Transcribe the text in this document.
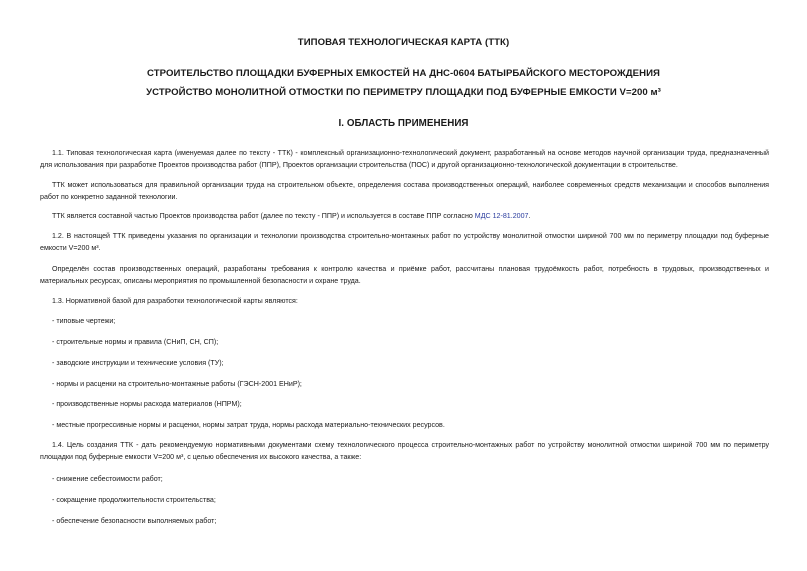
ТИПОВАЯ ТЕХНОЛОГИЧЕСКАЯ КАРТА (ТТК)
СТРОИТЕЛЬСТВО ПЛОЩАДКИ БУФЕРНЫХ ЕМКОСТЕЙ НА ДНС-0604 БАТЫРБАЙСКОГО МЕСТОРОЖДЕНИЯ
УСТРОЙСТВО МОНОЛИТНОЙ ОТМОСТКИ ПО ПЕРИМЕТРУ ПЛОЩАДКИ ПОД БУФЕРНЫЕ ЕМКОСТИ V=200 м³
I. ОБЛАСТЬ ПРИМЕНЕНИЯ

1.1. Типовая технологическая карта (именуемая далее по тексту - ТТК) - комплексный организационно-технологический документ, разработанный на основе методов научной организации труда, предназначенный для использования при разработке Проектов производства работ (ППР), Проектов организации строительства (ПОС) и другой организационно-технологической документации в строительстве.

ТТК может использоваться для правильной организации труда на строительном объекте, определения состава производственных операций, наиболее современных средств механизации и способов выполнения работ по конкретно заданной технологии.

ТТК является составной частью Проектов производства работ (далее по тексту - ППР) и используется в составе ППР согласно МДС 12-81.2007.

1.2. В настоящей ТТК приведены указания по организации и технологии производства строительно-монтажных работ по устройству монолитной отмостки шириной 700 мм по периметру площадки под буферные емкости V=200 м³.

Определён состав производственных операций, разработаны требования к контролю качества и приёмке работ, рассчитаны плановая трудоёмкость работ, потребность в трудовых, производственных и материальных ресурсах, описаны мероприятия по промышленной безопасности и охране труда.

1.3. Нормативной базой для разработки технологической карты являются:

- типовые чертежи;

- строительные нормы и правила (СНиП, СН, СП);

- заводские инструкции и технические условия (ТУ);

- нормы и расценки на строительно-монтажные работы (ГЭСН-2001 ЕНиР);

- производственные нормы расхода материалов (НПРМ);

- местные прогрессивные нормы и расценки, нормы затрат труда, нормы расхода материально-технических ресурсов.

1.4. Цель создания ТТК - дать рекомендуемую нормативными документами схему технологического процесса строительно-монтажных работ по устройству монолитной отмостки шириной 700 мм по периметру площадки под буферные емкости V=200 м³, с целью обеспечения их высокого качества, а также:

- снижение себестоимости работ;

- сокращение продолжительности строительства;

- обеспечение безопасности выполняемых работ;
